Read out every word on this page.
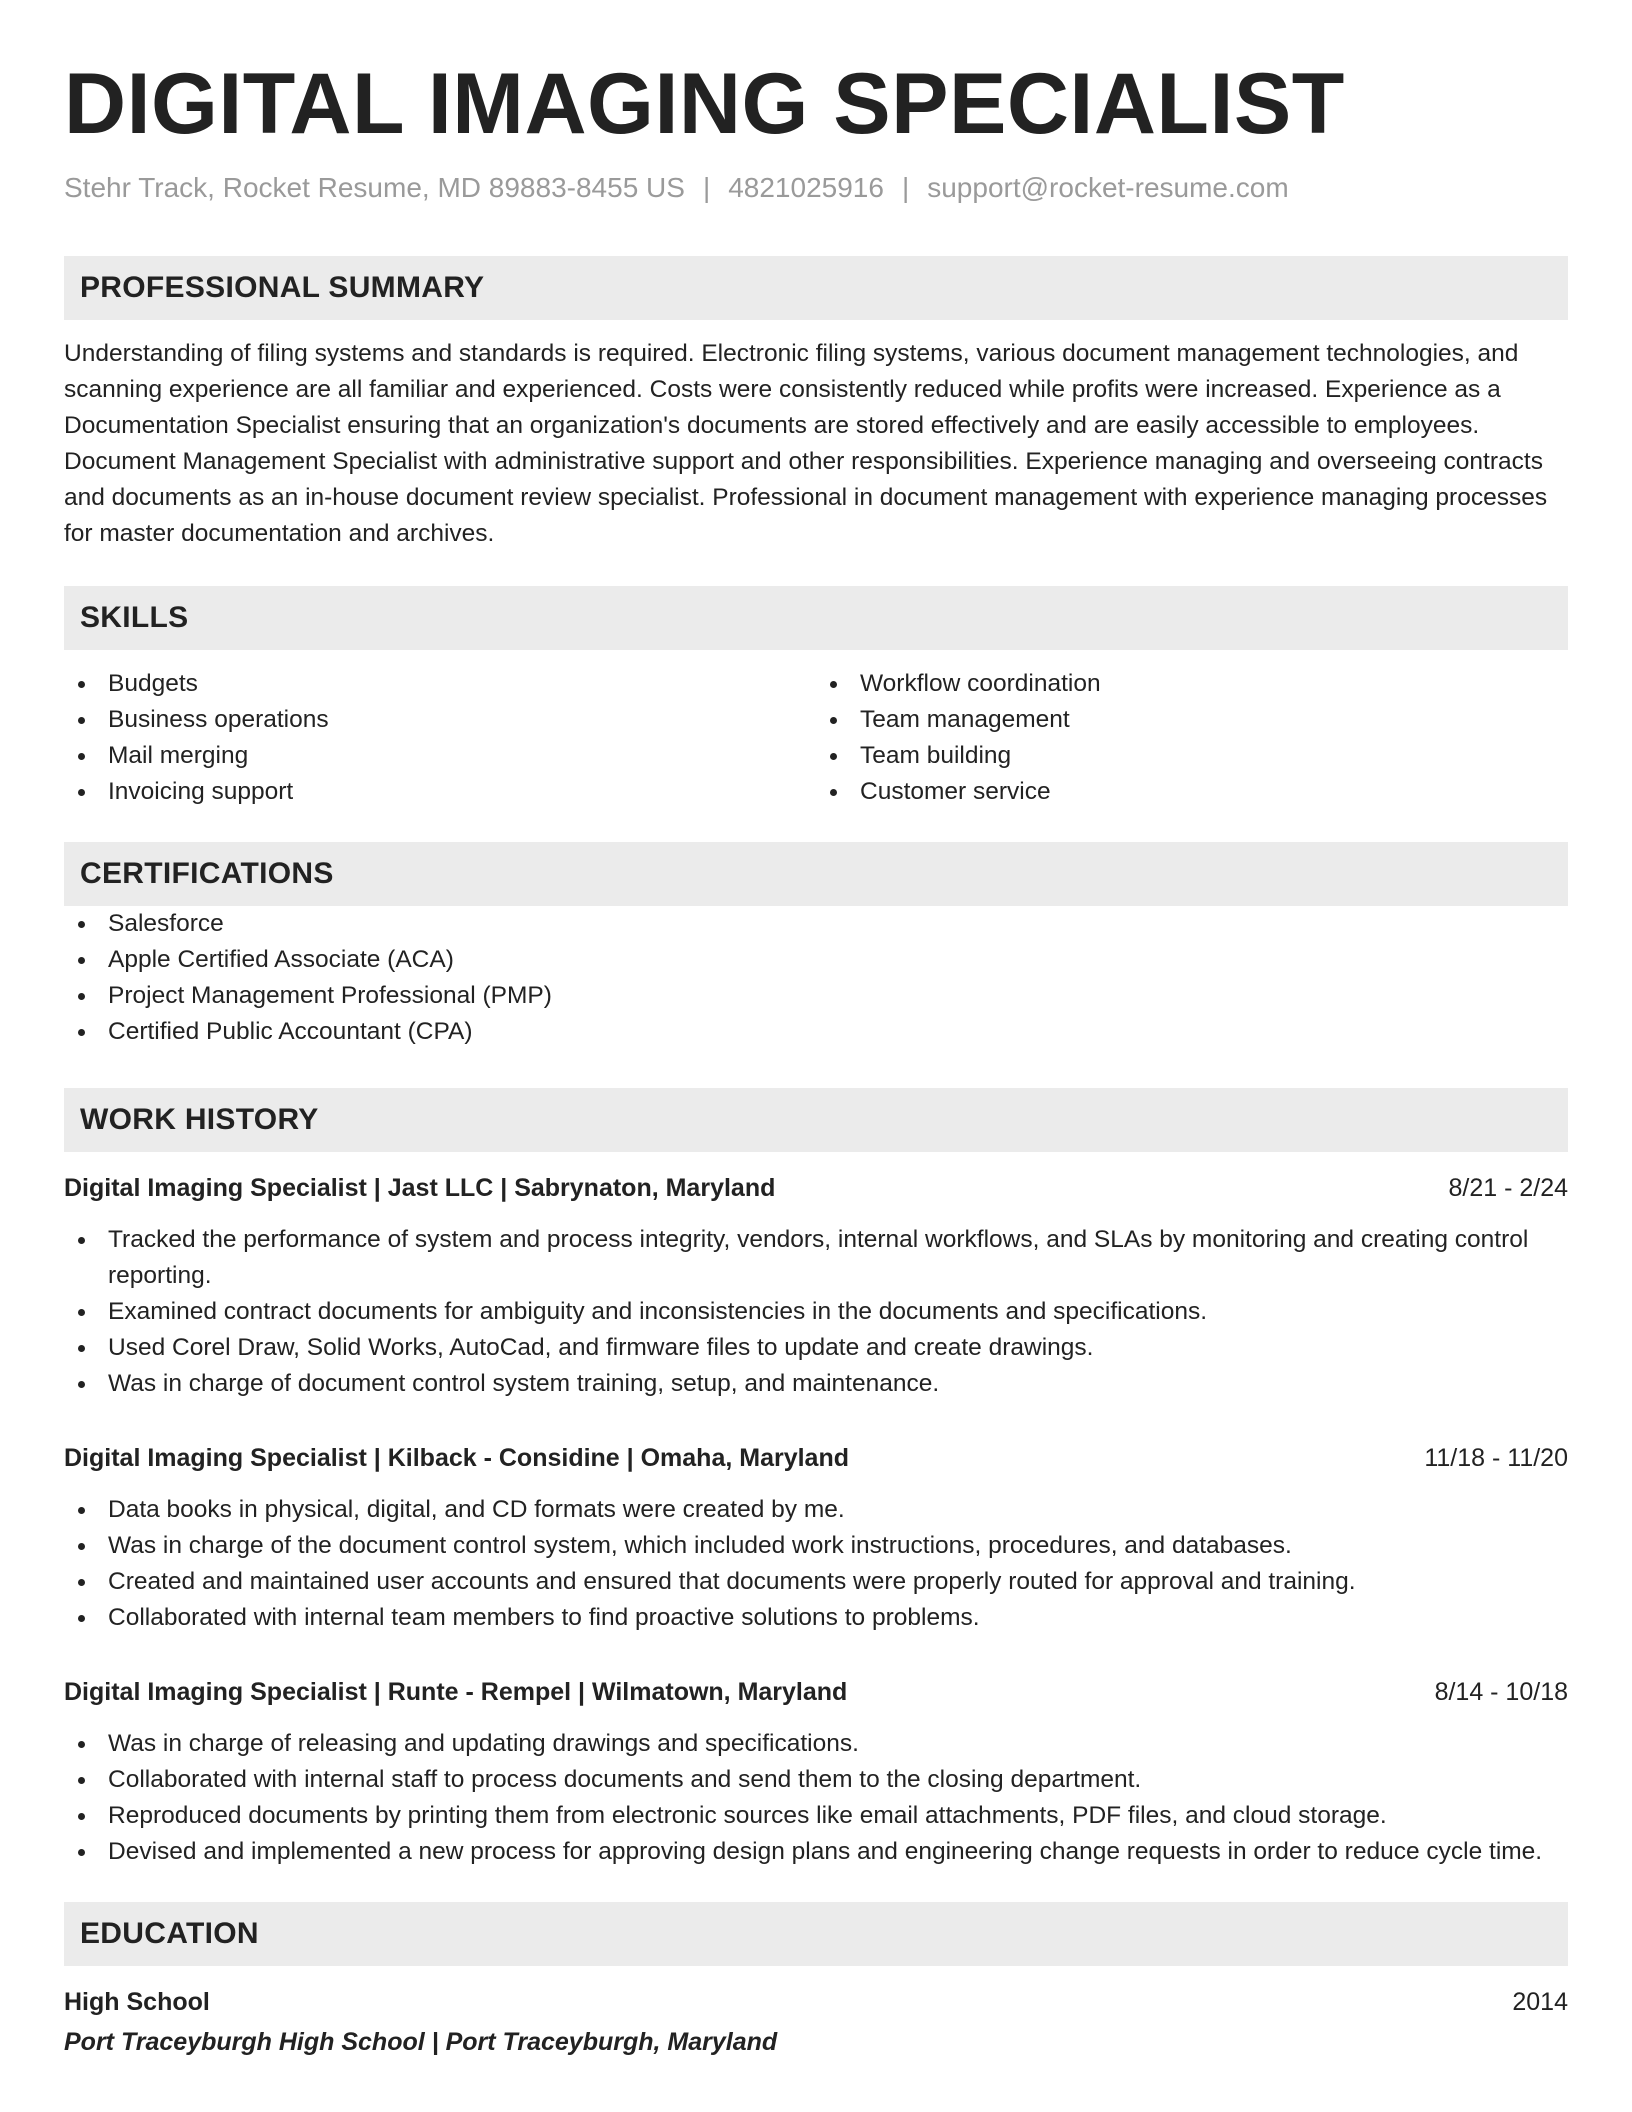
DIGITAL IMAGING SPECIALIST
Stehr Track, Rocket Resume, MD 89883-8455 US | 4821025916 | support@rocket-resume.com
PROFESSIONAL SUMMARY

Understanding of filing systems and standards is required. Electronic filing systems, various document management technologies, and scanning experience are all familiar and experienced. Costs were consistently reduced while profits were increased. Experience as a Documentation Specialist ensuring that an organization's documents are stored effectively and are easily accessible to employees. Document Management Specialist with administrative support and other responsibilities. Experience managing and overseeing contracts and documents as an in-house document review specialist. Professional in document management with experience managing processes for master documentation and archives.

SKILLS
Budgets
Business operations
Mail merging
Invoicing support
Workflow coordination
Team management
Team building
Customer service
CERTIFICATIONS
Salesforce
Apple Certified Associate (ACA)
Project Management Professional (PMP)
Certified Public Accountant (CPA)
WORK HISTORY
Digital Imaging Specialist | Jast LLC | Sabrynaton, Maryland	8/21 - 2/24
Tracked the performance of system and process integrity, vendors, internal workflows, and SLAs by monitoring and creating control reporting.
Examined contract documents for ambiguity and inconsistencies in the documents and specifications.
Used Corel Draw, Solid Works, AutoCad, and firmware files to update and create drawings.
Was in charge of document control system training, setup, and maintenance.
Digital Imaging Specialist | Kilback - Considine | Omaha, Maryland	11/18 - 11/20
Data books in physical, digital, and CD formats were created by me.
Was in charge of the document control system, which included work instructions, procedures, and databases.
Created and maintained user accounts and ensured that documents were properly routed for approval and training.
Collaborated with internal team members to find proactive solutions to problems.
Digital Imaging Specialist | Runte - Rempel | Wilmatown, Maryland	8/14 - 10/18
Was in charge of releasing and updating drawings and specifications.
Collaborated with internal staff to process documents and send them to the closing department.
Reproduced documents by printing them from electronic sources like email attachments, PDF files, and cloud storage.
Devised and implemented a new process for approving design plans and engineering change requests in order to reduce cycle time.
EDUCATION
High School	2014
Port Traceyburgh High School | Port Traceyburgh, Maryland
